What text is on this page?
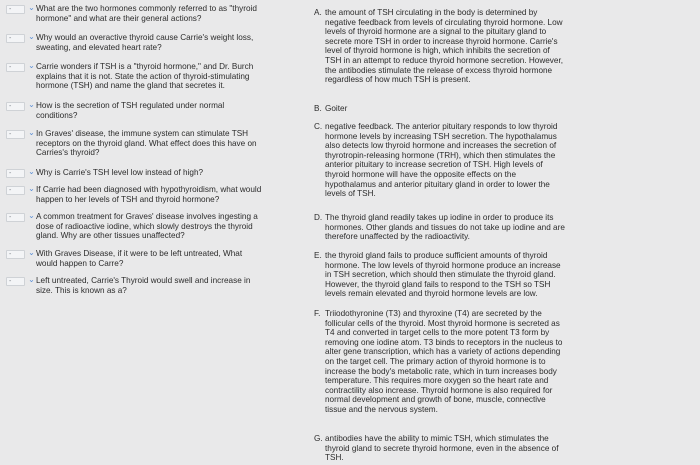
- ⌄ What are the two hormones commonly referred to as "thyroid
hormone" and what are their general actions?
- ⌄ Why would an overactive thyroid cause Carrie's weight loss,
sweating, and elevated heart rate?
- ⌄ Carrie wonders if TSH is a "thyroid hormone," and Dr. Burch
explains that it is not. State the action of thyroid-stimulating
hormone (TSH) and name the gland that secretes it.
- ⌄ How is the secretion of TSH regulated under normal
conditions?
- ⌄ In Graves' disease, the immune system can stimulate TSH
receptors on the thyroid gland. What effect does this have on
Carries's thyroid?
- ⌄ Why is Carrie's TSH level low instead of high?
- ⌄ If Carrie had been diagnosed with hypothyroidism, what would
happen to her levels of TSH and thyroid hormone?
- ⌄ A common treatment for Graves' disease involves ingesting a
dose of radioactive iodine, which slowly destroys the thyroid
gland. Why are other tissues unaffected?
- ⌄ With Graves Disease, if it were to be left untreated, What
would happen to Carre?
- ⌄ Left untreated, Carrie's Thyroid would swell and increase in
size. This is known as a?
A. the amount of TSH circulating in the body is determined by
negative feedback from levels of circulating thyroid hormone. Low
levels of thyroid hormone are a signal to the pituitary gland to
secrete more TSH in order to increase thyroid hormone. Carrie's
level of thyroid hormone is high, which inhibits the secretion of
TSH in an attempt to reduce thyroid hormone secretion. However,
the antibodies stimulate the release of excess thyroid hormone
regardless of how much TSH is present.
B. Goiter
C. negative feedback. The anterior pituitary responds to low thyroid
hormone levels by increasing TSH secretion. The hypothalamus
also detects low thyroid hormone and increases the secretion of
thyrotropin-releasing hormone (TRH), which then stimulates the
anterior pituitary to increase secretion of TSH. High levels of
thyroid hormone will have the opposite effects on the
hypothalamus and anterior pituitary gland in order to lower the
levels of TSH.
D. The thyroid gland readily takes up iodine in order to produce its
hormones. Other glands and tissues do not take up iodine and are
therefore unaffected by the radioactivity.
E. the thyroid gland fails to produce sufficient amounts of thyroid
hormone. The low levels of thyroid hormone produce an increase
in TSH secretion, which should then stimulate the thyroid gland.
However, the thyroid gland fails to respond to the TSH so TSH
levels remain elevated and thyroid hormone levels are low.
F. Triiodothyronine (T3) and thyroxine (T4) are secreted by the
follicular cells of the thyroid. Most thyroid hormone is secreted as
T4 and converted in target cells to the more potent T3 form by
removing one iodine atom. T3 binds to receptors in the nucleus to
alter gene transcription, which has a variety of actions depending
on the target cell. The primary action of thyroid hormone is to
increase the body's metabolic rate, which in turn increases body
temperature. This requires more oxygen so the heart rate and
contractility also increase. Thyroid hormone is also required for
normal development and growth of bone, muscle, connective
tissue and the nervous system.
G. antibodies have the ability to mimic TSH, which stimulates the
thyroid gland to secrete thyroid hormone, even in the absence of
TSH.
